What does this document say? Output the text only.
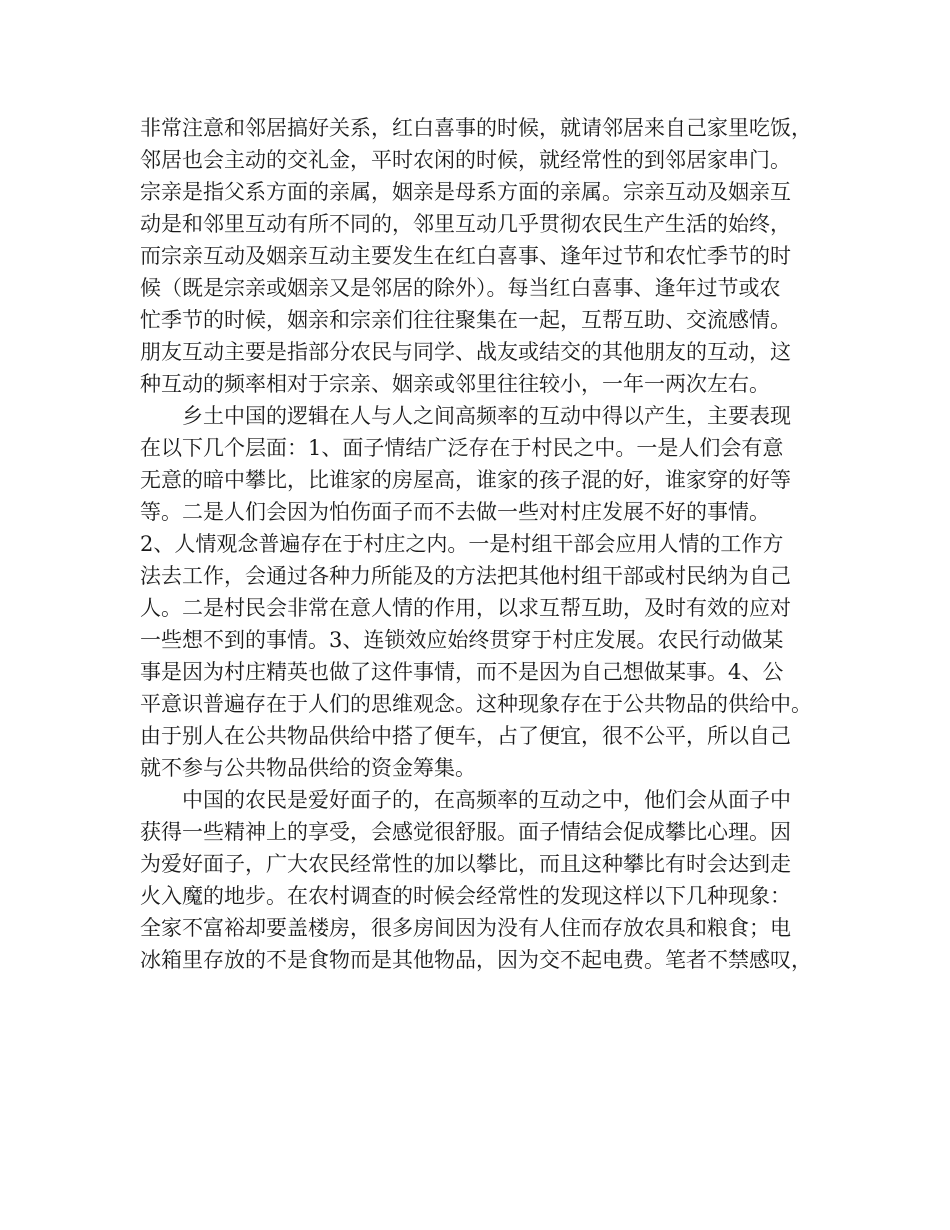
非常注意和邻居搞好关系，红白喜事的时候，就请邻居来自己家里吃饭，
邻居也会主动的交礼金，平时农闲的时候，就经常性的到邻居家串门。
宗亲是指父系方面的亲属，姻亲是母系方面的亲属。宗亲互动及姻亲互
动是和邻里互动有所不同的，邻里互动几乎贯彻农民生产生活的始终，
而宗亲互动及姻亲互动主要发生在红白喜事、逢年过节和农忙季节的时
候（既是宗亲或姻亲又是邻居的除外）。每当红白喜事、逢年过节或农
忙季节的时候，姻亲和宗亲们往往聚集在一起，互帮互助、交流感情。
朋友互动主要是指部分农民与同学、战友或结交的其他朋友的互动，这
种互动的频率相对于宗亲、姻亲或邻里往往较小，一年一两次左右。
乡土中国的逻辑在人与人之间高频率的互动中得以产生，主要表现
在以下几个层面：1、面子情结广泛存在于村民之中。一是人们会有意
无意的暗中攀比，比谁家的房屋高，谁家的孩子混的好，谁家穿的好等
等。二是人们会因为怕伤面子而不去做一些对村庄发展不好的事情。
2、人情观念普遍存在于村庄之内。一是村组干部会应用人情的工作方
法去工作，会通过各种力所能及的方法把其他村组干部或村民纳为自己
人。二是村民会非常在意人情的作用，以求互帮互助，及时有效的应对
一些想不到的事情。3、连锁效应始终贯穿于村庄发展。农民行动做某
事是因为村庄精英也做了这件事情，而不是因为自己想做某事。4、公
平意识普遍存在于人们的思维观念。这种现象存在于公共物品的供给中。
由于别人在公共物品供给中搭了便车，占了便宜，很不公平，所以自己
就不参与公共物品供给的资金筹集。
中国的农民是爱好面子的，在高频率的互动之中，他们会从面子中
获得一些精神上的享受，会感觉很舒服。面子情结会促成攀比心理。因
为爱好面子，广大农民经常性的加以攀比，而且这种攀比有时会达到走
火入魔的地步。在农村调查的时候会经常性的发现这样以下几种现象：
全家不富裕却要盖楼房，很多房间因为没有人住而存放农具和粮食；电
冰箱里存放的不是食物而是其他物品，因为交不起电费。笔者不禁感叹，
